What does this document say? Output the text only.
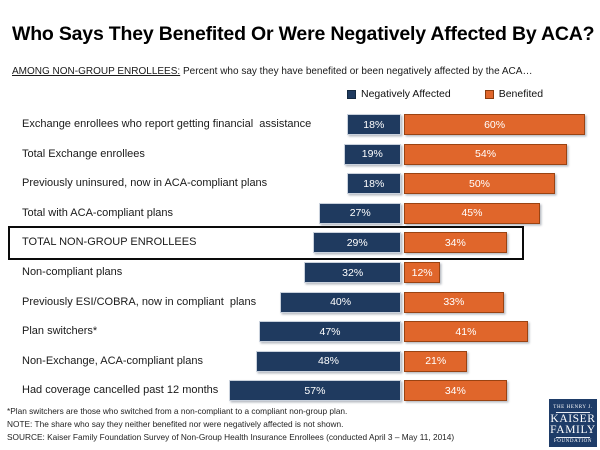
Who Says They Benefited Or Were Negatively Affected By ACA?
AMONG NON-GROUP ENROLLEES: Percent who say they have benefited or been negatively affected by the ACA…
Negatively Affected	Benefited
Exchange enrollees who report getting financial  assistance	18%	60%
Total Exchange enrollees	19%	54%
Previously uninsured, now in ACA-compliant plans	18%	50%
Total with ACA-compliant plans	27%	45%
TOTAL NON-GROUP ENROLLEES	29%	34%
Non-compliant plans	32%	12%
Previously ESI/COBRA, now in compliant  plans	40%	33%
Plan switchers*	47%	41%
Non-Exchange, ACA-compliant plans	48%	21%
Had coverage cancelled past 12 months	57%	34%
*Plan switchers are those who switched from a non-compliant to a compliant non-group plan.
NOTE: The share who say they neither benefited nor were negatively affected is not shown.
SOURCE: Kaiser Family Foundation Survey of Non-Group Health Insurance Enrollees (conducted April 3 – May 11, 2014)
THE HENRY J.
KAISER
FAMILY
FOUNDATION
